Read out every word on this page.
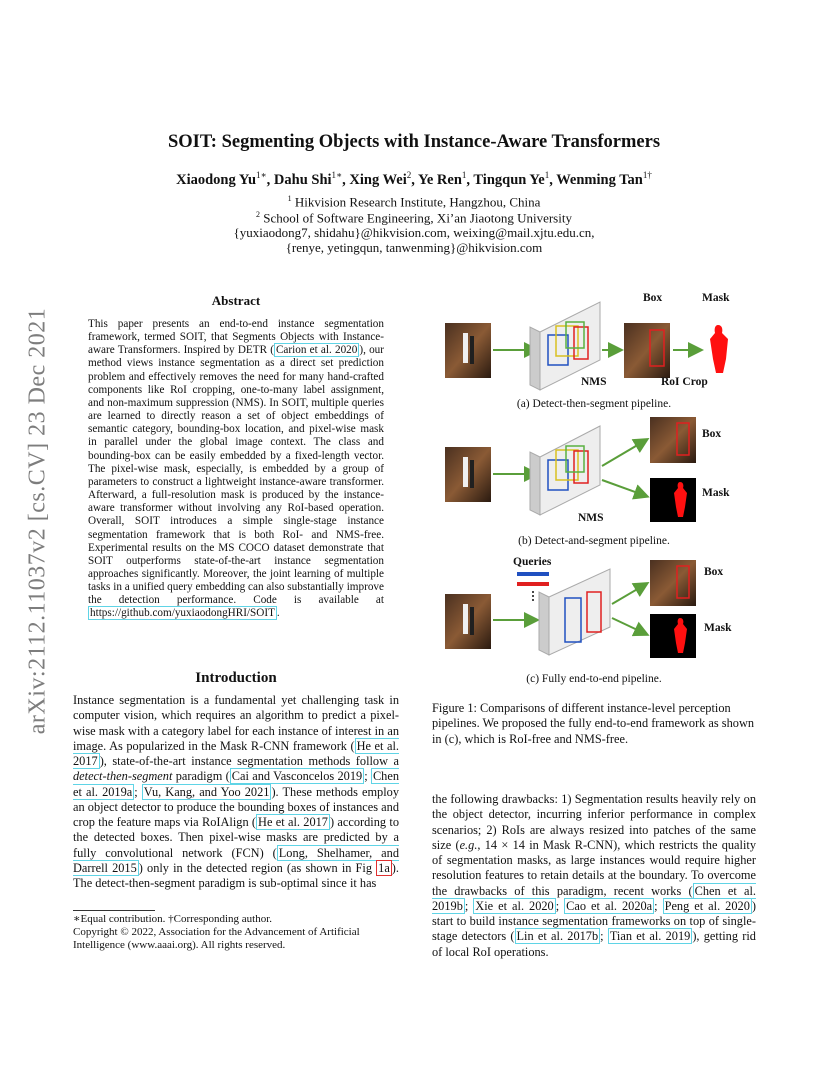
arXiv:2112.11037v2 [cs.CV] 23 Dec 2021
SOIT: Segmenting Objects with Instance-Aware Transformers
Xiaodong $Yu^{1∗}$, Dahu Shi$^{1∗}$, Xing Wei$^2$, Ye Ren$^1$, Tingqun Ye$^1$, Wenming Tan$^{1\dagger}$
$^1$ Hikvision Research Institute, Hangzhou, China
$^2$ School of Software Engineering, Xi’an Jiaotong University
{yuxiaodong7, shidahu}@hikvision.com, weixing@mail.xjtu.edu.cn,
{renye, yetingqun, tanwenming}@hikvision.com
Abstract
This paper presents an end-to-end instance segmentation framework, termed SOIT, that Segments Objects with Instance-aware Transformers. Inspired by DETR ( Carion et al. 2020 ), our method views instance segmentation as a direct set prediction problem and effectively removes the need for many hand-crafted components like RoI cropping, one-to-many label assignment, and non-maximum suppression (NMS). In SOIT, multiple queries are learned to directly reason a set of object embeddings of semantic category, bounding-box location, and pixel-wise mask in parallel under the global image context. The class and bounding-box can be easily embedded by a fixed-length vector. The pixel-wise mask, especially, is embedded by a group of parameters to construct a lightweight instance-aware transformer. Afterward, a full-resolution mask is produced by the instance-aware transformer without involving any RoI-based operation. Overall, SOIT introduces a simple single-stage instance segmentation framework that is both RoI- and NMS-free. Experimental results on the MS COCO dataset demonstrate that SOIT outperforms state-of-the-art instance segmentation approaches significantly. Moreover, the joint learning of multiple tasks in a unified query embedding can also substantially improve the detection performance. Code is available at https://github.com/yuxiaodongHRI/SOIT .
Introduction
Instance segmentation is a fundamental yet challenging task in computer vision, which requires an algorithm to predict a pixel-wise mask with a category label for each instance of interest in an image. As popularized in the Mask R-CNN framework ( He et al. 2017 ), state-of-the-art instance segmentation methods follow a detect-then-segment paradigm ( Cai and Vasconcelos 2019 ; Chen et al. 2019a ; Vu, Kang, and Yoo 2021 ). These methods employ an object detector to produce the bounding boxes of instances and crop the feature maps via RoIAlign ( He et al. 2017 ) according to the detected boxes. Then pixel-wise masks are predicted by a fully convolutional network (FCN) ( Long, Shelhamer, and Darrell 2015 ) only in the detected region (as shown in Fig 1a ). The detect-then-segment paradigm is sub-optimal since it has
∗Equal contribution. †Corresponding author.
Copyright © 2022, Association for the Advancement of Artificial Intelligence (www.aaai.org). All rights reserved.
Box	Mask
NMS	RoI Crop
(a) Detect-then-segment pipeline.
Box
Mask
NMS
(b) Detect-and-segment pipeline.
Queries
Box
Mask
(c) Fully end-to-end pipeline.
Figure 1: Comparisons of different instance-level perception pipelines. We proposed the fully end-to-end framework as shown in (c), which is RoI-free and NMS-free.
the following drawbacks: 1) Segmentation results heavily rely on the object detector, incurring inferior performance in complex scenarios; 2) RoIs are always resized into patches of the same size (e.g., 14 × 14 in Mask R-CNN), which restricts the quality of segmentation masks, as large instances would require higher resolution features to retain details at the boundary. To overcome the drawbacks of this paradigm, recent works ( Chen et al. 2019b ; Xie et al. 2020 ; Cao et al. 2020a ; Peng et al. 2020 ) start to build instance segmentation frameworks on top of single-stage detectors ( Lin et al. 2017b ; Tian et al. 2019 ), getting rid of local RoI operations.
